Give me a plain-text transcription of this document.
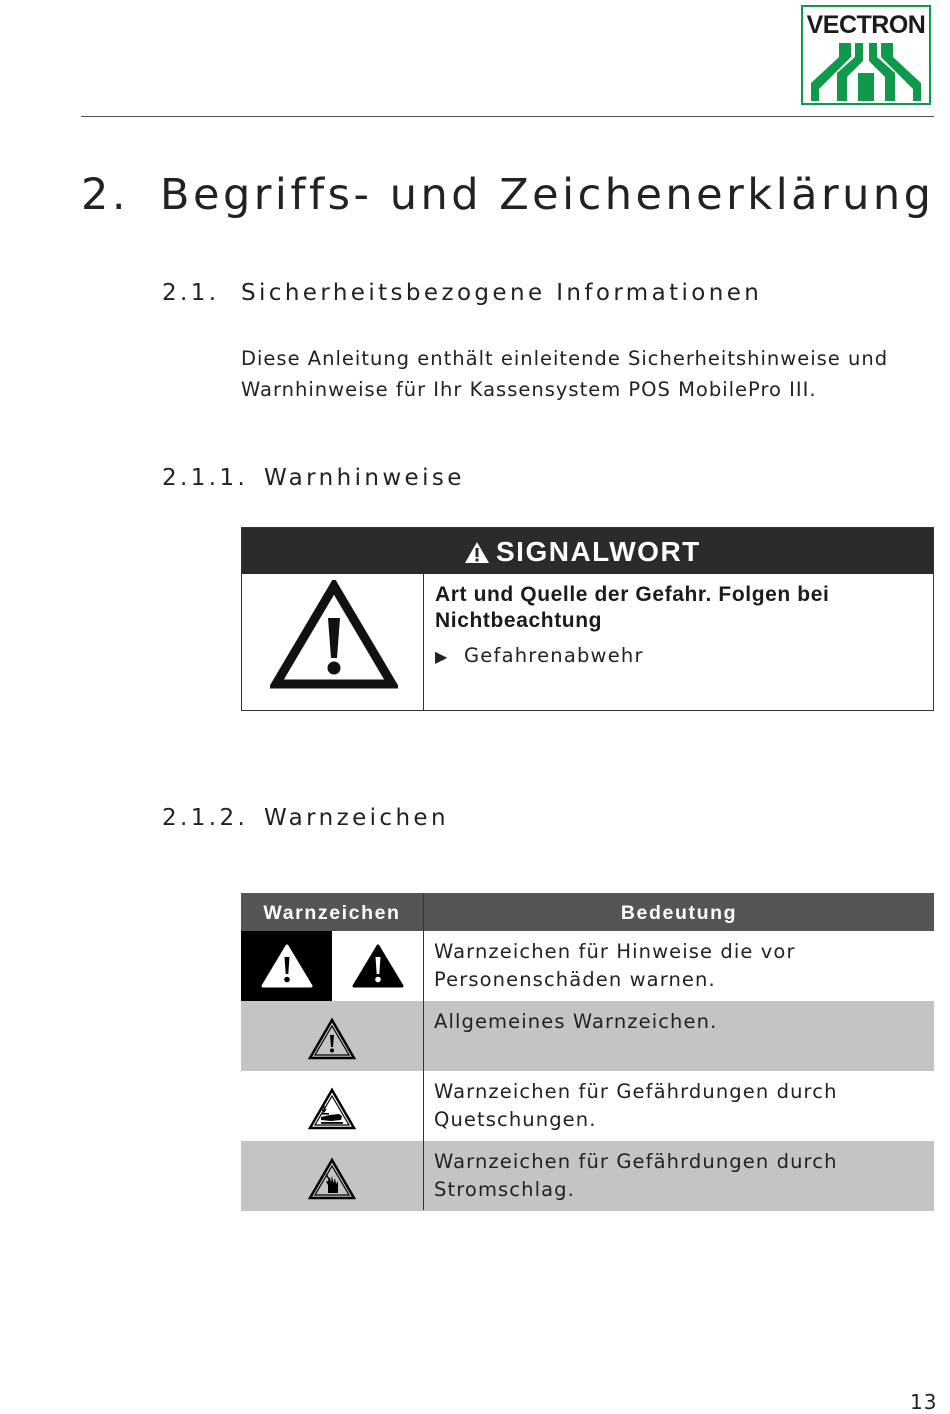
VECTRON
2. Begriffs- und Zeichenerklärung
2.1. Sicherheitsbezogene Informationen
Diese Anleitung enthält einleitende Sicherheitshinweise und
Warnhinweise für Ihr Kassensystem POS MobilePro III.
2.1.1. Warnhinweise
SIGNALWORT
Art und Quelle der Gefahr. Folgen bei Nichtbeachtung
▶ Gefahrenabwehr
2.1.2. Warnzeichen
Warnzeichen	Bedeutung
Warnzeichen für Hinweise die vor Personenschäden warnen.
Allgemeines Warnzeichen.
Warnzeichen für Gefährdungen durch Quetschungen.
Warnzeichen für Gefährdungen durch Stromschlag.
13
